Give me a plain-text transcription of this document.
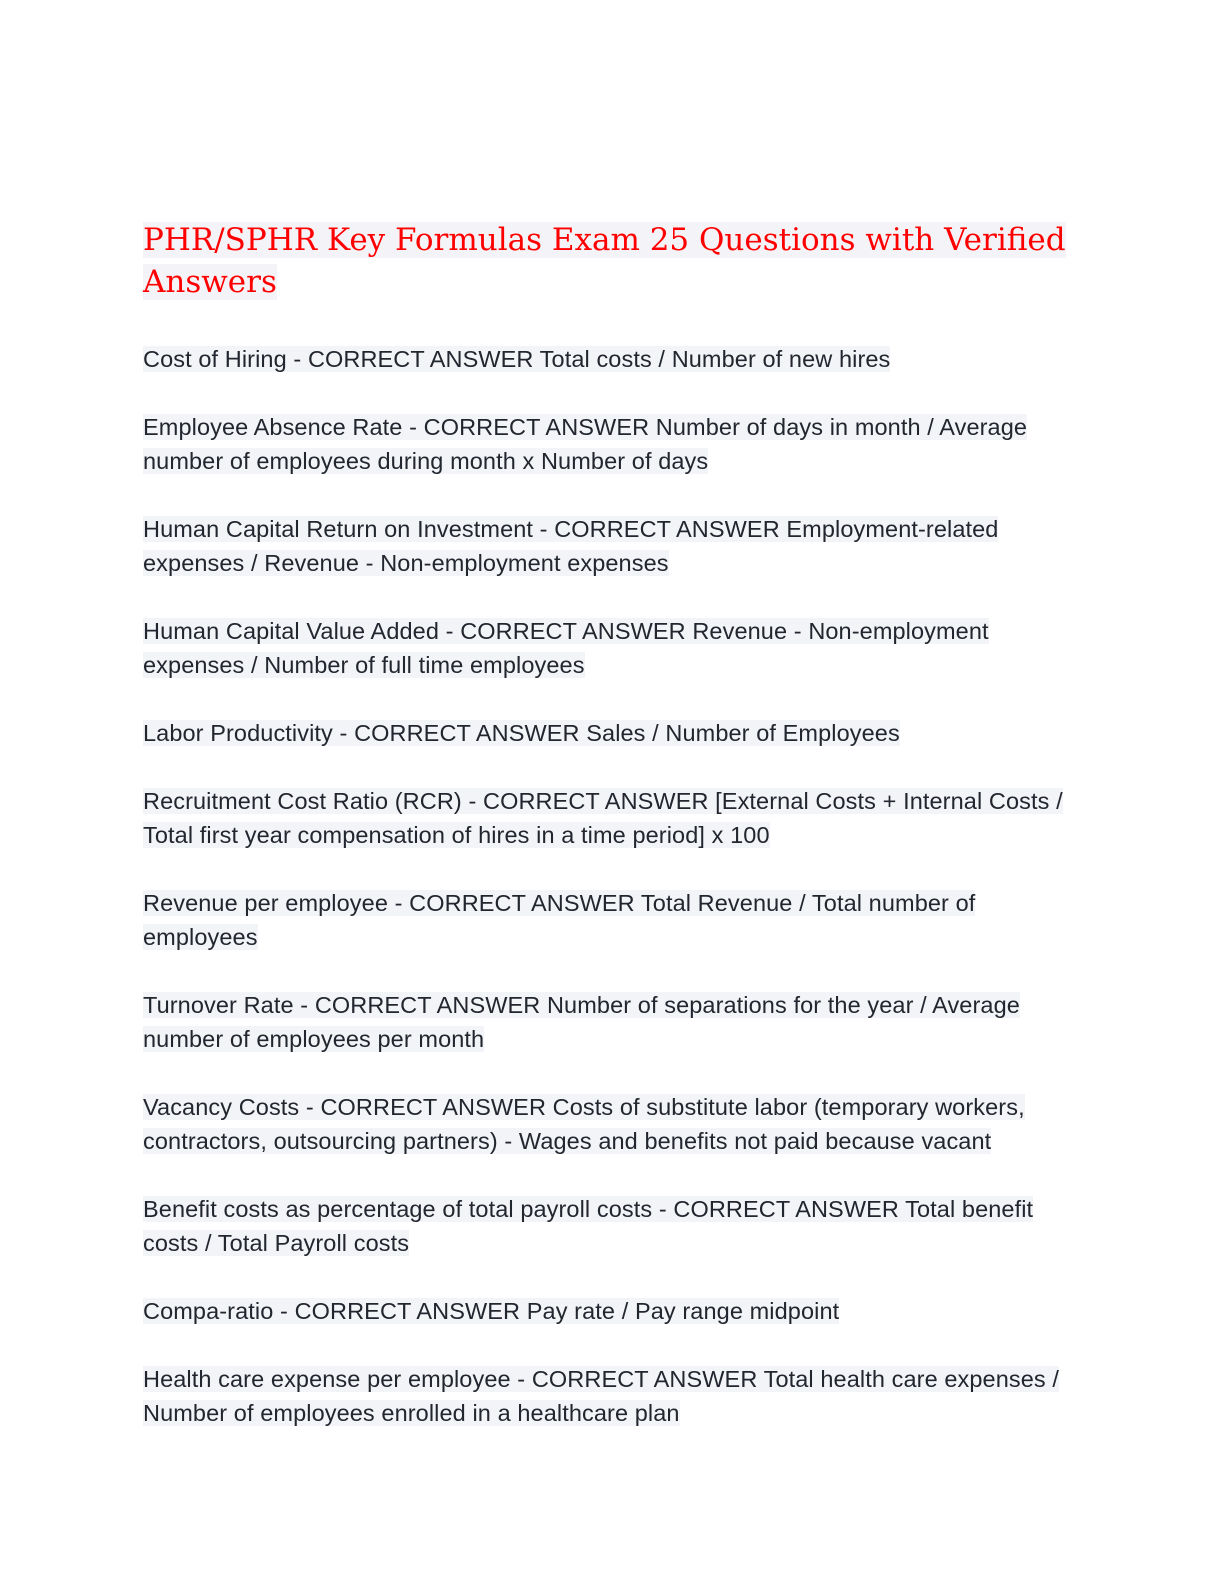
PHR/SPHR Key Formulas Exam 25 Questions with Verified Answers

Cost of Hiring - CORRECT ANSWER Total costs / Number of new hires

Employee Absence Rate - CORRECT ANSWER Number of days in month / Average number of employees during month x Number of days

Human Capital Return on Investment - CORRECT ANSWER Employment-related expenses / Revenue - Non-employment expenses

Human Capital Value Added - CORRECT ANSWER Revenue - Non-employment expenses / Number of full time employees

Labor Productivity - CORRECT ANSWER Sales / Number of Employees

Recruitment Cost Ratio (RCR) - CORRECT ANSWER [External Costs + Internal Costs / Total first year compensation of hires in a time period] x 100

Revenue per employee - CORRECT ANSWER Total Revenue / Total number of employees

Turnover Rate - CORRECT ANSWER Number of separations for the year / Average number of employees per month

Vacancy Costs - CORRECT ANSWER Costs of substitute labor (temporary workers, contractors, outsourcing partners) - Wages and benefits not paid because vacant

Benefit costs as percentage of total payroll costs - CORRECT ANSWER Total benefit costs / Total Payroll costs

Compa-ratio - CORRECT ANSWER Pay rate / Pay range midpoint

Health care expense per employee - CORRECT ANSWER Total health care expenses / Number of employees enrolled in a healthcare plan
